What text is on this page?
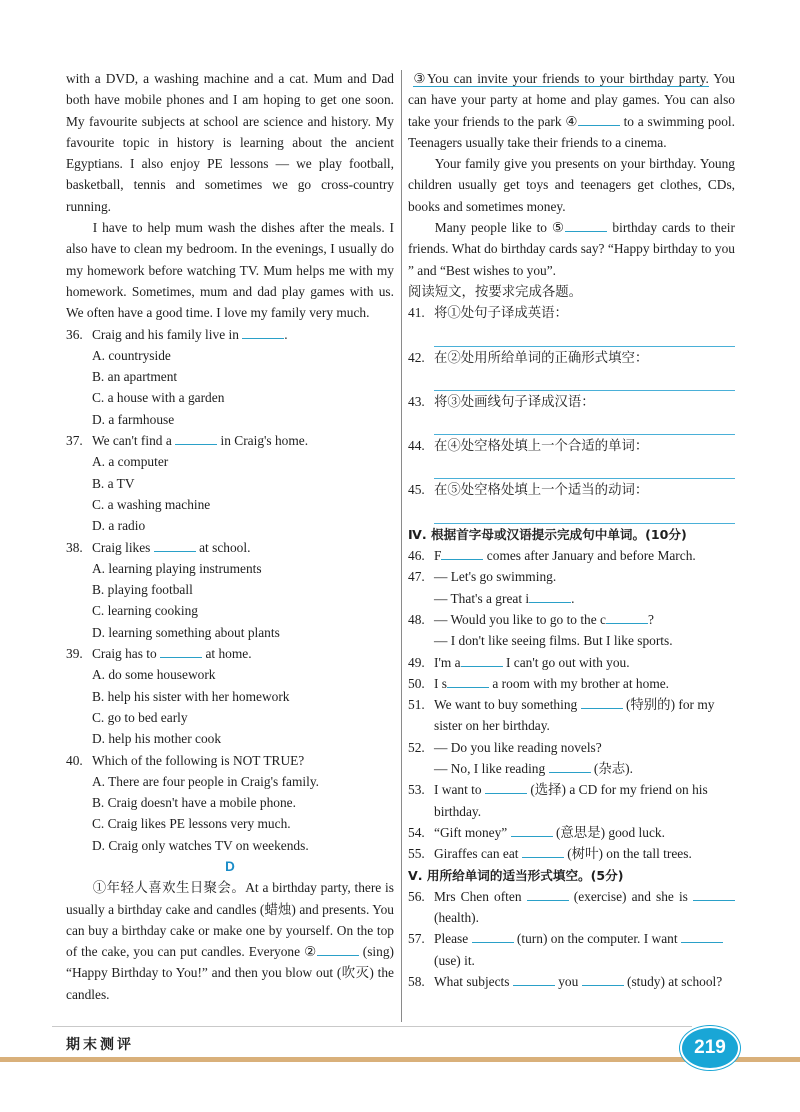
with a DVD, a washing machine and a cat. Mum and Dad both have mobile phones and I am hoping to get one soon. My favourite subjects at school are science and history. My favourite topic in history is learning about the ancient Egyptians. I also enjoy PE lessons — we play football, basketball, tennis and sometimes we go cross-country running.

I have to help mum wash the dishes after the meals. I also have to clean my bedroom. In the evenings, I usually do my homework before watching TV. Mum helps me with my homework. Sometimes, mum and dad play games with us. We often have a good time. I love my family very much.

36. Craig and his family live in	.
A. countryside
B. an apartment
C. a house with a garden
D. a farmhouse
37. We can't find a	in Craig's home.
A. a computer
B. a TV
C. a washing machine
D. a radio
38. Craig likes	at school.
A. learning playing instruments
B. playing football
C. learning cooking
D. learning something about plants
39. Craig has to	at home.
A. do some housework
B. help his sister with her homework
C. go to bed early
D. help his mother cook
40. Which of the following is NOT TRUE?
A. There are four people in Craig's family.
B. Craig doesn't have a mobile phone.
C. Craig likes PE lessons very much.
D. Craig only watches TV on weekends.
D

①年轻人喜欢生日聚会。At a birthday party, there is usually a birthday cake and candles (蜡烛) and presents. You can buy a birthday cake or make one by yourself. On the top of the cake, you can put candles. Everyone ②	(sing) “Happy Birthday to You!” and then you blow out (吹灭) the candles.

③You can invite your friends to your birthday party. You can have your party at home and play games. You can also take your friends to the park ④	to a swimming pool. Teenagers usually take their friends to a cinema.

Your family give you presents on your birthday. Young children usually get toys and teenagers get clothes, CDs, books and sometimes money.

Many people like to ⑤	birthday cards to their friends. What do birthday cards say? “Happy birthday to you ” and “Best wishes to you”.

阅读短文，按要求完成各题。

41. 将①处句子译成英语：
42. 在②处用所给单词的正确形式填空：
43. 将③处画线句子译成汉语：
44. 在④处空格处填上一个合适的单词：
45. 在⑤处空格处填上一个适当的动词：
Ⅳ. 根据首字母或汉语提示完成句中单词。(10分)
46. F	comes after January and before March.
47. — Let's go swimming.
— That's a great i	.
48. — Would you like to go to the c	?
— I don't like seeing films. But I like sports.
49. I'm a	I can't go out with you.
50. I s	a room with my brother at home.
51. We want to buy something	(特别的) for my sister on her birthday.
52. — Do you like reading novels?
— No, I like reading	(杂志).
53. I want to	(选择) a CD for my friend on his birthday.
54. “Gift money”	(意思是) good luck.
55. Giraffes can eat	(树叶) on the tall trees.
Ⅴ. 用所给单词的适当形式填空。(5分)
56. Mrs Chen often	(exercise) and she is  (health).
57. Please	(turn) on the computer. I want  (use) it.
58. What subjects	you	(study) at school?
期末测评	219
